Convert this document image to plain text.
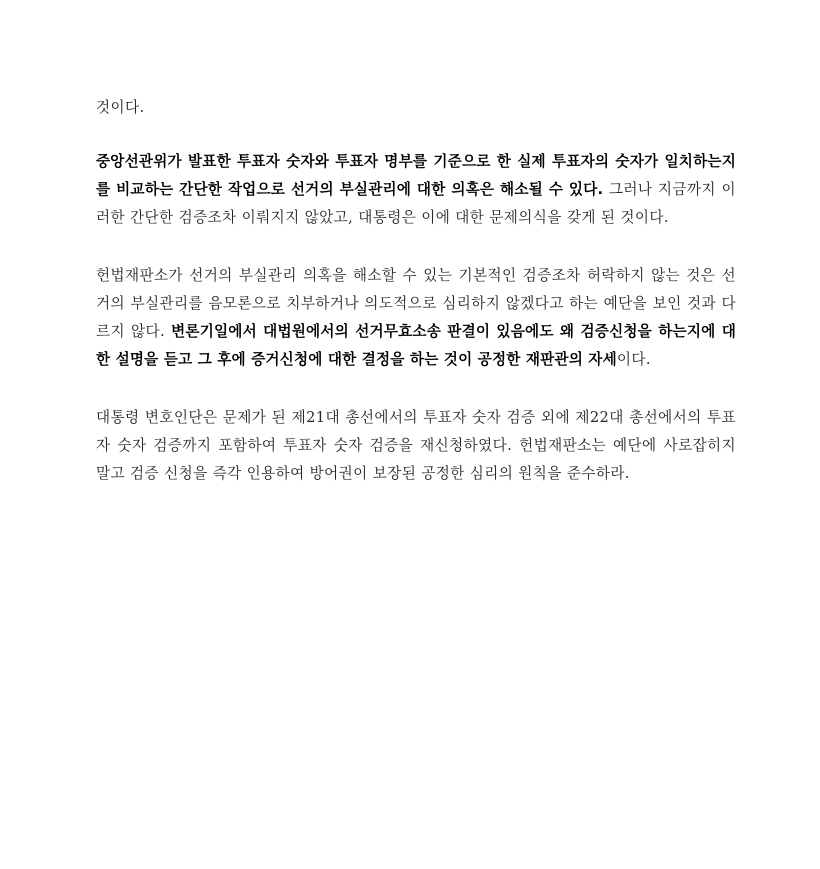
것이다.

중앙선관위가 발표한 투표자 숫자와 투표자 명부를 기준으로 한 실제 투표자의 숫자가 일치하는지를 비교하는 간단한 작업으로 선거의 부실관리에 대한 의혹은 해소될 수 있다. 그러나 지금까지 이러한 간단한 검증조차 이뤄지지 않았고, 대통령은 이에 대한 문제의식을 갖게 된 것이다.

헌법재판소가 선거의 부실관리 의혹을 해소할 수 있는 기본적인 검증조차 허락하지 않는 것은 선거의 부실관리를 음모론으로 치부하거나 의도적으로 심리하지 않겠다고 하는 예단을 보인 것과 다르지 않다. 변론기일에서 대법원에서의 선거무효소송 판결이 있음에도 왜 검증신청을 하는지에 대한 설명을 듣고 그 후에 증거신청에 대한 결정을 하는 것이 공정한 재판관의 자세이다.

대통령 변호인단은 문제가 된 제21대 총선에서의 투표자 숫자 검증 외에 제22대 총선에서의 투표자 숫자 검증까지 포함하여 투표자 숫자 검증을 재신청하였다. 헌법재판소는 예단에 사로잡히지 말고 검증 신청을 즉각 인용하여 방어권이 보장된 공정한 심리의 원칙을 준수하라.
